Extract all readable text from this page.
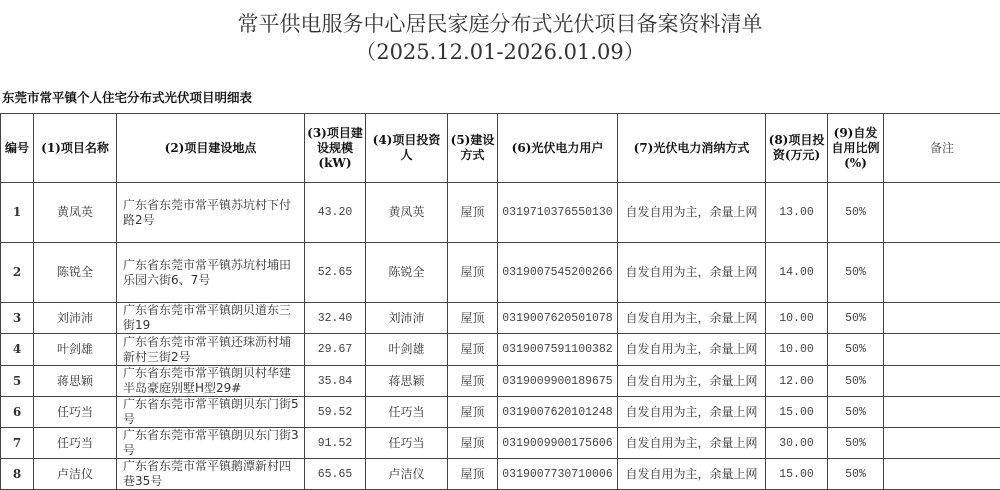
常平供电服务中心居民家庭分布式光伏项目备案资料清单
（2025.12.01-2026.01.09）
东莞市常平镇个人住宅分布式光伏项目明细表
编号	(1)项目名称	(2)项目建设地点	(3)项目建设规模(kW)	(4)项目投资人	(5)建设方式	(6)光伏电力用户	(7)光伏电力消纳方式	(8)项目投资(万元)	(9)自发自用比例(%)	备注
1	黄凤英	广东省东莞市常平镇苏坑村下付路2号	43.20	黄凤英	屋顶	0319710376550130	自发自用为主，余量上网	13.00	50%	
2	陈锐全	广东省东莞市常平镇苏坑村埔田乐园六街6、7号	52.65	陈锐全	屋顶	0319007545200266	自发自用为主，余量上网	14.00	50%	
3	刘沛沛	广东省东莞市常平镇朗贝道东三街19	32.40	刘沛沛	屋顶	0319007620501078	自发自用为主，余量上网	10.00	50%	
4	叶剑雄	广东省东莞市常平镇还珠沥村埔新村三街2号	29.67	叶剑雄	屋顶	0319007591100382	自发自用为主，余量上网	10.00	50%	
5	蒋思颖	广东省东莞市常平镇朗贝村华建半岛豪庭别墅H型29#	35.84	蒋思颖	屋顶	0319009900189675	自发自用为主，余量上网	12.00	50%	
6	任巧当	广东省东莞市常平镇朗贝东门街5号	59.52	任巧当	屋顶	0319007620101248	自发自用为主，余量上网	15.00	50%	
7	任巧当	广东省东莞市常平镇朗贝东门街3号	91.52	任巧当	屋顶	0319009900175606	自发自用为主，余量上网	30.00	50%	
8	卢洁仪	广东省东莞市常平镇鹅潭新村四巷35号	65.65	卢洁仪	屋顶	0319007730710006	自发自用为主，余量上网	15.00	50%	
